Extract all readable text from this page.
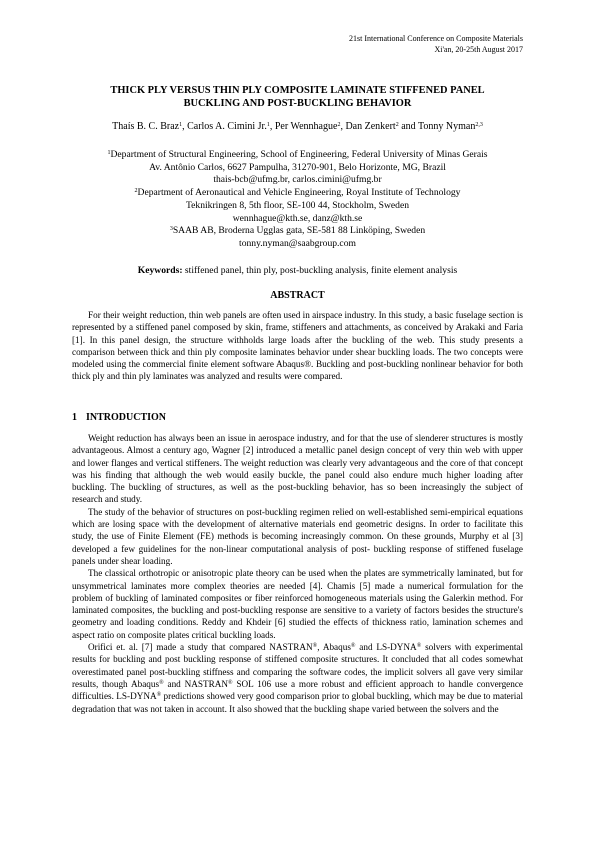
21st International Conference on Composite Materials
Xi'an, 20-25th August 2017
THICK PLY VERSUS THIN PLY COMPOSITE LAMINATE STIFFENED PANEL
BUCKLING AND POST-BUCKLING BEHAVIOR
Thaís B. C. Braz$^1$, Carlos A. Cimini Jr.$^1$, Per Wennhague$^2$, Dan Zenkert$^2$ and Tonny Nyman$^{2,3}$
$^1$Department of Structural Engineering, School of Engineering, Federal University of Minas Gerais
Av. Antônio Carlos, 6627 Pampulha, 31270-901, Belo Horizonte, MG, Brazil
thais-bcb@ufmg.br, carlos.cimini@ufmg.br
$^2$Department of Aeronautical and Vehicle Engineering, Royal Institute of Technology
Teknikringen 8, 5th floor, SE-100 44, Stockholm, Sweden
wennhague@kth.se, danz@kth.se
$^3$SAAB AB, Broderna Ugglas gata, SE-581 88 Linköping, Sweden
tonny.nyman@saabgroup.com
Keywords: stiffened panel, thin ply, post-buckling analysis, finite element analysis
ABSTRACT

For their weight reduction, thin web panels are often used in airspace industry. In this study, a basic fuselage section is represented by a stiffened panel composed by skin, frame, stiffeners and attachments, as conceived by Arakaki and Faria [1]. In this panel design, the structure withholds large loads after the buckling of the web. This study presents a comparison between thick and thin ply composite laminates behavior under shear buckling loads. The two concepts were modeled using the commercial finite element software Abaqus®. Buckling and post-buckling nonlinear behavior for both thick ply and thin ply laminates was analyzed and results were compared.

1 INTRODUCTION

Weight reduction has always been an issue in aerospace industry, and for that the use of slenderer structures is mostly advantageous. Almost a century ago, Wagner [2] introduced a metallic panel design concept of very thin web with upper and lower flanges and vertical stiffeners. The weight reduction was clearly very advantageous and the core of that concept was his finding that although the web would easily buckle, the panel could also endure much higher loading after buckling. The buckling of structures, as well as the post-buckling behavior, has so been increasingly the subject of research and study.

The study of the behavior of structures on post-buckling regimen relied on well-established semi-empirical equations which are losing space with the development of alternative materials end geometric designs. In order to facilitate this study, the use of Finite Element (FE) methods is becoming increasingly common. On these grounds, Murphy et al [3] developed a few guidelines for the non-linear computational analysis of post- buckling response of stiffened fuselage panels under shear loading.

The classical orthotropic or anisotropic plate theory can be used when the plates are symmetrically laminated, but for unsymmetrical laminates more complex theories are needed [4]. Chamis [5] made a numerical formulation for the problem of buckling of laminated composites or fiber reinforced homogeneous materials using the Galerkin method. For laminated composites, the buckling and post-buckling response are sensitive to a variety of factors besides the structure's geometry and loading conditions. Reddy and Khdeir [6] studied the effects of thickness ratio, lamination schemes and aspect ratio on composite plates critical buckling loads.

Orifici et. al. [7] made a study that compared NASTRAN®, Abaqus® and LS-DYNA® solvers with experimental results for buckling and post buckling response of stiffened composite structures. It concluded that all codes somewhat overestimated panel post-buckling stiffness and comparing the software codes, the implicit solvers all gave very similar results, though Abaqus® and NASTRAN® SOL 106 use a more robust and efficient approach to handle convergence difficulties. LS-DYNA® predictions showed very good comparison prior to global buckling, which may be due to material degradation that was not taken in account. It also showed that the buckling shape varied between the solvers and the
